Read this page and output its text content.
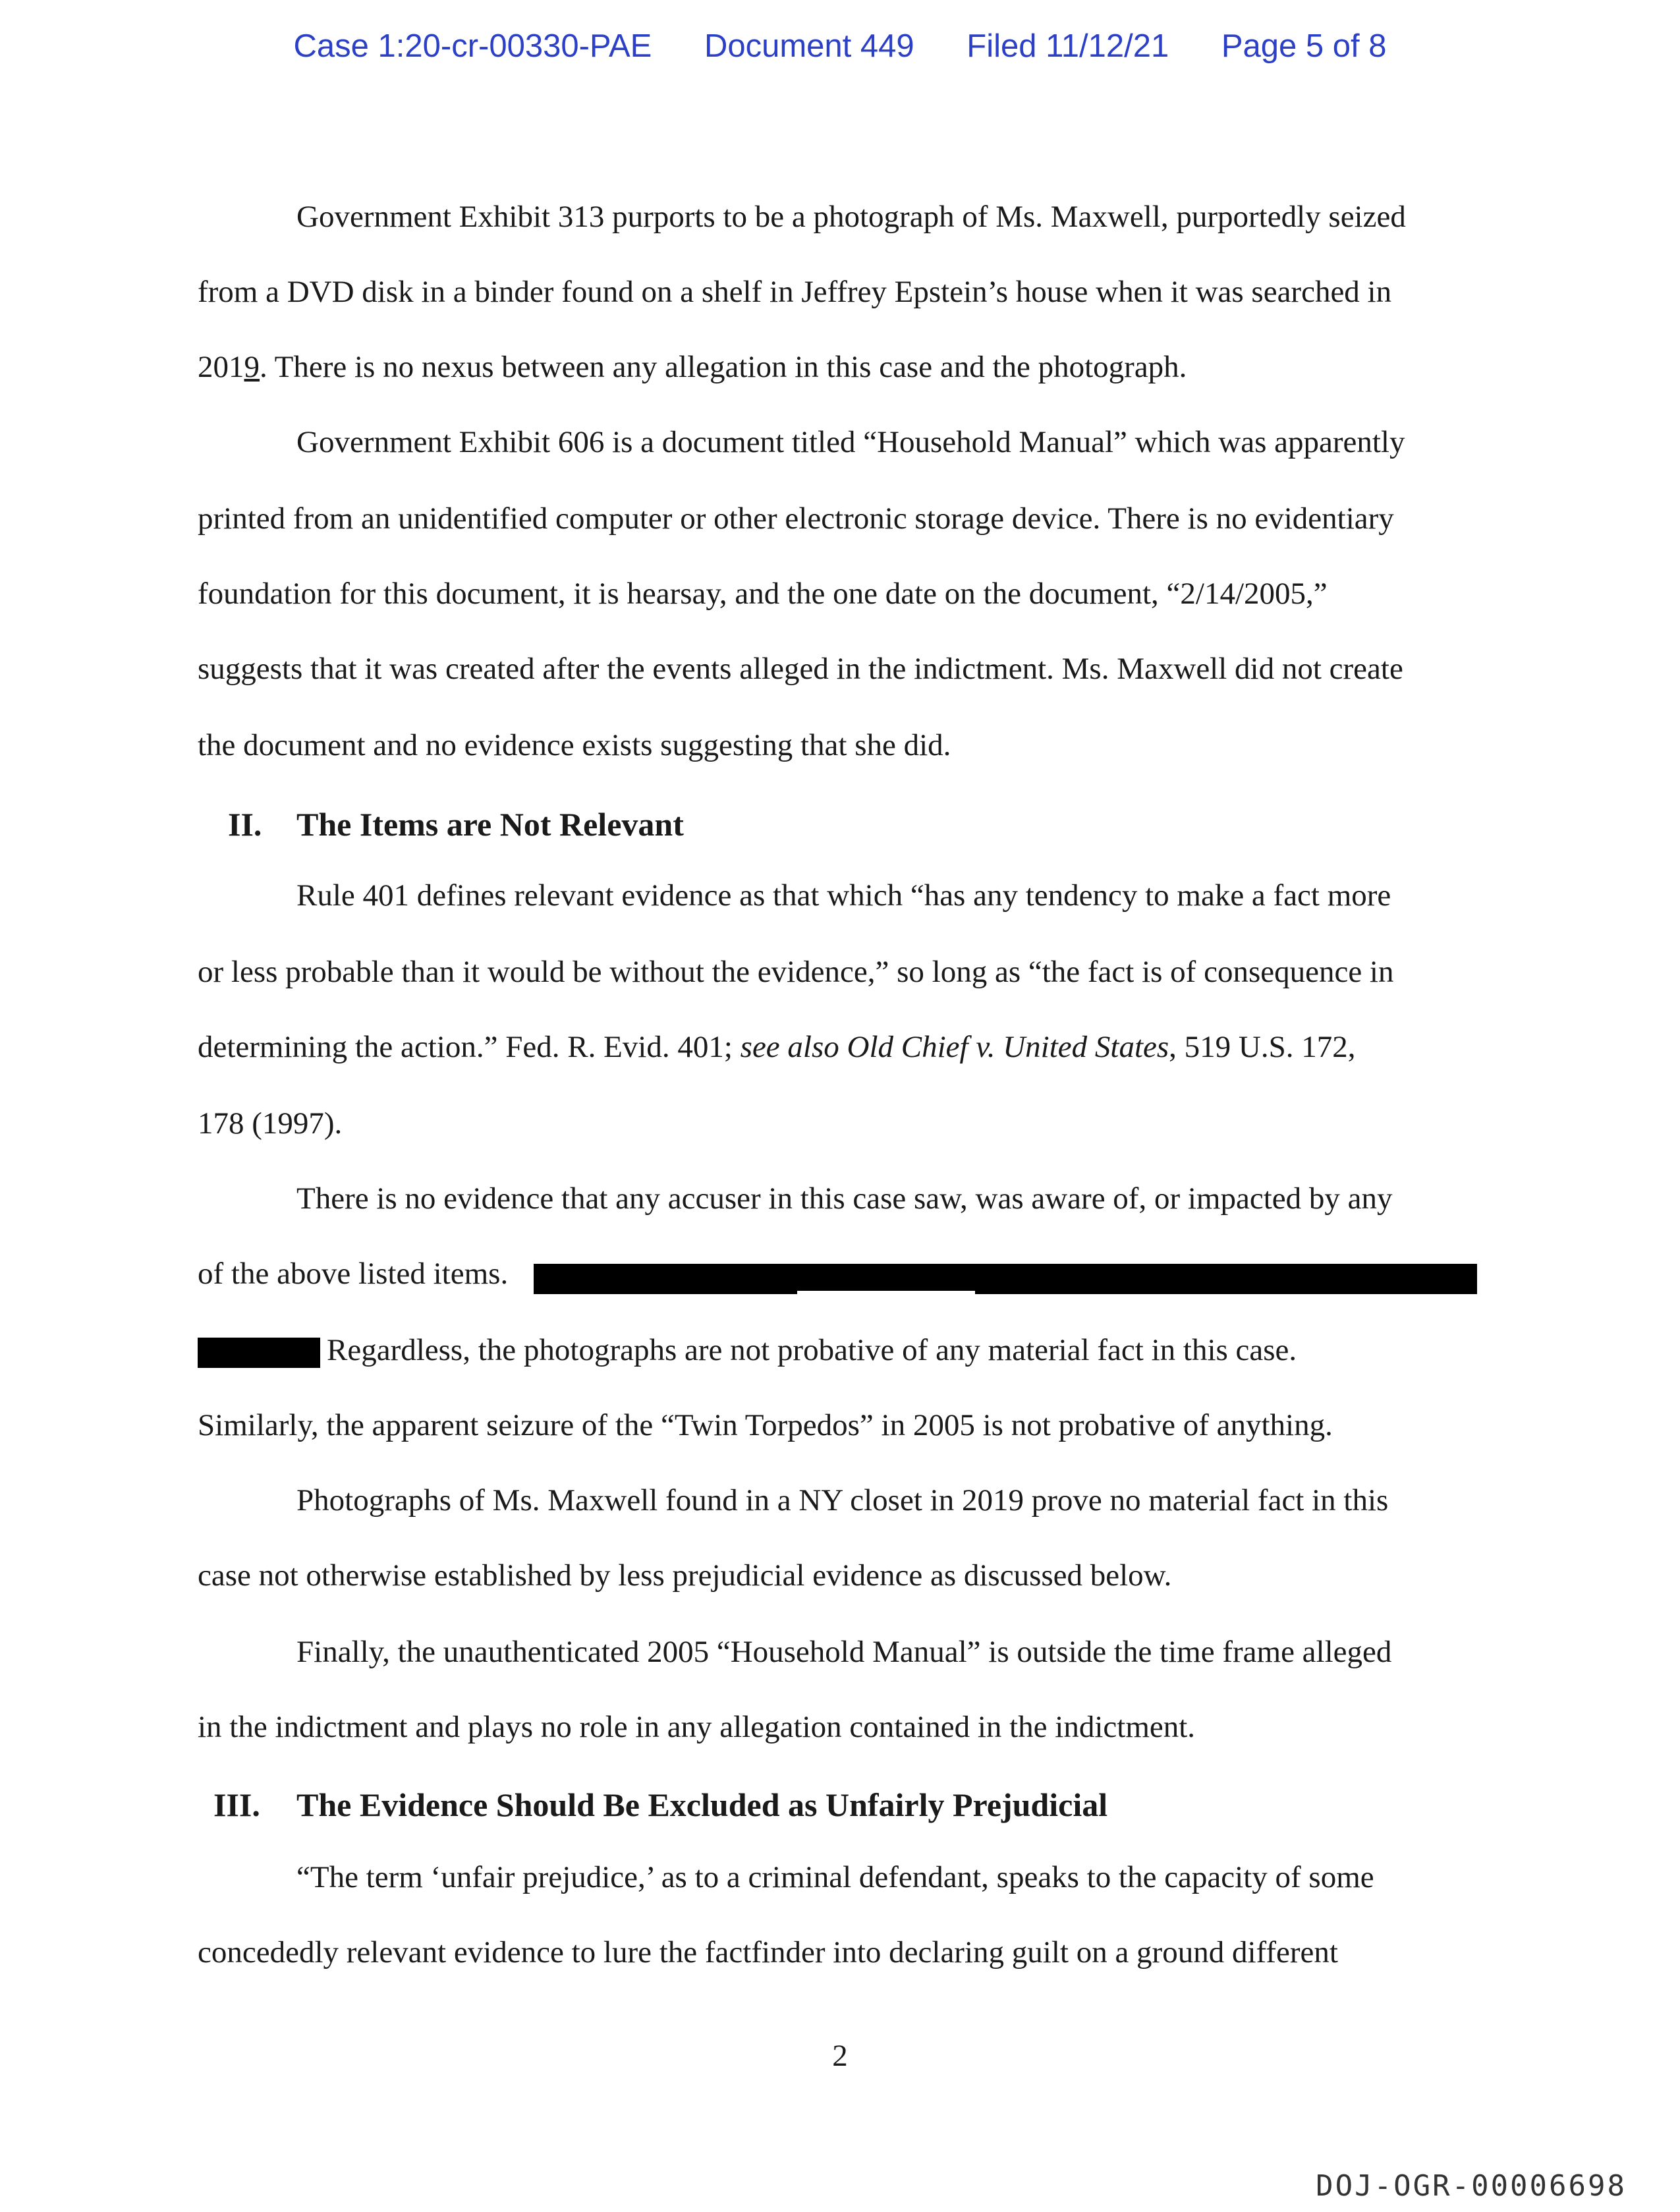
Case 1:20-cr-00330-PAE Document 449 Filed 11/12/21 Page 5 of 8
Government Exhibit 313 purports to be a photograph of Ms. Maxwell, purportedly seized
from a DVD disk in a binder found on a shelf in Jeffrey Epstein’s house when it was searched in
2019. There is no nexus between any allegation in this case and the photograph.
Government Exhibit 606 is a document titled “Household Manual” which was apparently
printed from an unidentified computer or other electronic storage device. There is no evidentiary
foundation for this document, it is hearsay, and the one date on the document, “2/14/2005,”
suggests that it was created after the events alleged in the indictment. Ms. Maxwell did not create
the document and no evidence exists suggesting that she did.
II. The Items are Not Relevant
Rule 401 defines relevant evidence as that which “has any tendency to make a fact more
or less probable than it would be without the evidence,” so long as “the fact is of consequence in
determining the action.” Fed. R. Evid. 401; see also Old Chief v. United States, 519 U.S. 172,
178 (1997).
There is no evidence that any accuser in this case saw, was aware of, or impacted by any
of the above listed items.
Regardless, the photographs are not probative of any material fact in this case.
Similarly, the apparent seizure of the “Twin Torpedos” in 2005 is not probative of anything.
Photographs of Ms. Maxwell found in a NY closet in 2019 prove no material fact in this
case not otherwise established by less prejudicial evidence as discussed below.
Finally, the unauthenticated 2005 “Household Manual” is outside the time frame alleged
in the indictment and plays no role in any allegation contained in the indictment.
III. The Evidence Should Be Excluded as Unfairly Prejudicial
“The term ‘unfair prejudice,’ as to a criminal defendant, speaks to the capacity of some
concededly relevant evidence to lure the factfinder into declaring guilt on a ground different
2
DOJ-OGR-00006698
